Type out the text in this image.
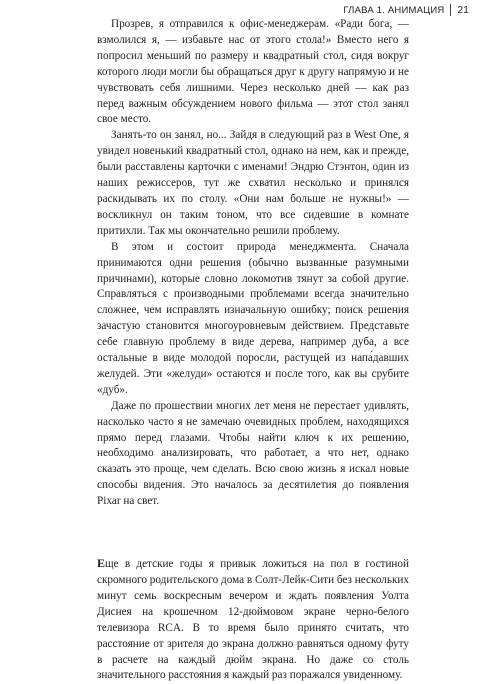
ГЛАВА 1. АНИМАЦИЯ 21

Прозрев, я отправился к офис-менеджерам. «Ради бога, — взмолился я, — избавьте нас от этого стола!» Вместо него я попросил меньший по размеру и квадратный стол, сидя вокруг которого люди могли бы обращаться друг к другу напрямую и не чувствовать себя лишними. Через несколько дней — как раз перед важным обсуждением нового фильма — этот стол занял свое место.

Занять-то он занял, но... Зайдя в следующий раз в West One, я увидел новенький квадратный стол, однако на нем, как и прежде, были расставлены карточки с именами! Эндрю Стэнтон, один из наших режиссеров, тут же схватил несколько и принялся раскидывать их по столу. «Они нам больше не нужны!» — воскликнул он таким тоном, что все сидевшие в комнате притихли. Так мы окончательно решили проблему.

В этом и состоит природа менеджмента. Сначала принимаются одни решения (обычно вызванные разумными причинами), которые словно локомотив тянут за собой другие. Справляться с производными проблемами всегда значительно сложнее, чем исправлять изначальную ошибку; поиск решения зачастую становится многоуровневым действием. Представьте себе главную проблему в виде дерева, например дуба, а все остальные в виде молодой поросли, растущей из напа́давших желудей. Эти «желуди» остаются и после того, как вы срубите «дуб».

Даже по прошествии многих лет меня не перестает удивлять, насколько часто я не замечаю очевидных проблем, находящихся прямо перед глазами. Чтобы найти ключ к их решению, необходимо анализировать, что работает, а что нет, однако сказать это проще, чем сделать. Всю свою жизнь я искал новые способы видения. Это началось за десятилетия до появления Pixar на свет.

Еще в детские годы я привык ложиться на пол в гостиной скромного родительского дома в Солт-Лейк-Сити без нескольких минут семь воскресным вечером и ждать появления Уолта Диснея на крошечном 12-дюймовом экране черно-белого телевизора RCA. В то время было принято считать, что расстояние от зрителя до экрана должно равняться одному футу в расчете на каждый дюйм экрана. Но даже со столь значительного расстояния я каждый раз поражался увиденному.
